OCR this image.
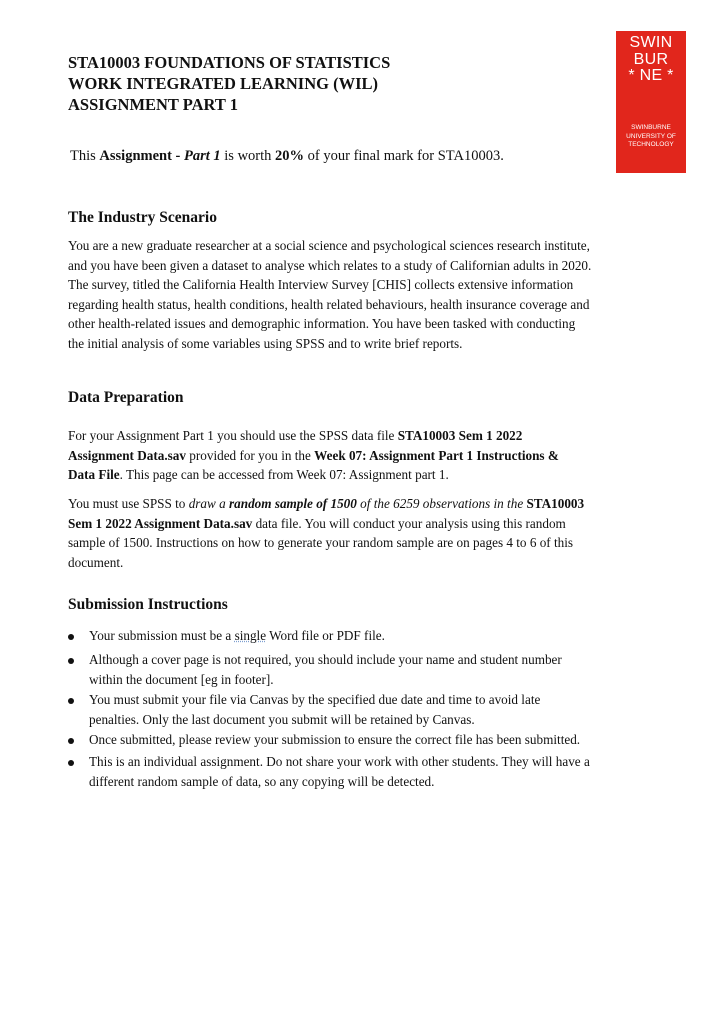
STA10003 FOUNDATIONS OF STATISTICS
WORK INTEGRATED LEARNING (WIL)
ASSIGNMENT PART 1
SWIN
BUR
* NE *
SWINBURNE
UNIVERSITY OF
TECHNOLOGY
This Assignment - Part 1 is worth 20% of your final mark for STA10003.
The Industry Scenario
You are a new graduate researcher at a social science and psychological sciences research institute,
and you have been given a dataset to analyse which relates to a study of Californian adults in 2020.
The survey, titled the California Health Interview Survey [CHIS] collects extensive information
regarding health status, health conditions, health related behaviours, health insurance coverage and
other health-related issues and demographic information. You have been tasked with conducting
the initial analysis of some variables using SPSS and to write brief reports.
Data Preparation
For your Assignment Part 1 you should use the SPSS data file STA10003 Sem 1 2022
Assignment Data.sav provided for you in the Week 07: Assignment Part 1 Instructions &
Data File. This page can be accessed from Week 07: Assignment part 1.
You must use SPSS to draw a random sample of 1500 of the 6259 observations in the STA10003
Sem 1 2022 Assignment Data.sav data file. You will conduct your analysis using this random
sample of 1500. Instructions on how to generate your random sample are on pages 4 to 6 of this
document.
Submission Instructions
Your submission must be a single Word file or PDF file.
Although a cover page is not required, you should include your name and student number
within the document [eg in footer].
You must submit your file via Canvas by the specified due date and time to avoid late
penalties. Only the last document you submit will be retained by Canvas.
Once submitted, please review your submission to ensure the correct file has been submitted.
This is an individual assignment. Do not share your work with other students. They will have a
different random sample of data, so any copying will be detected.
